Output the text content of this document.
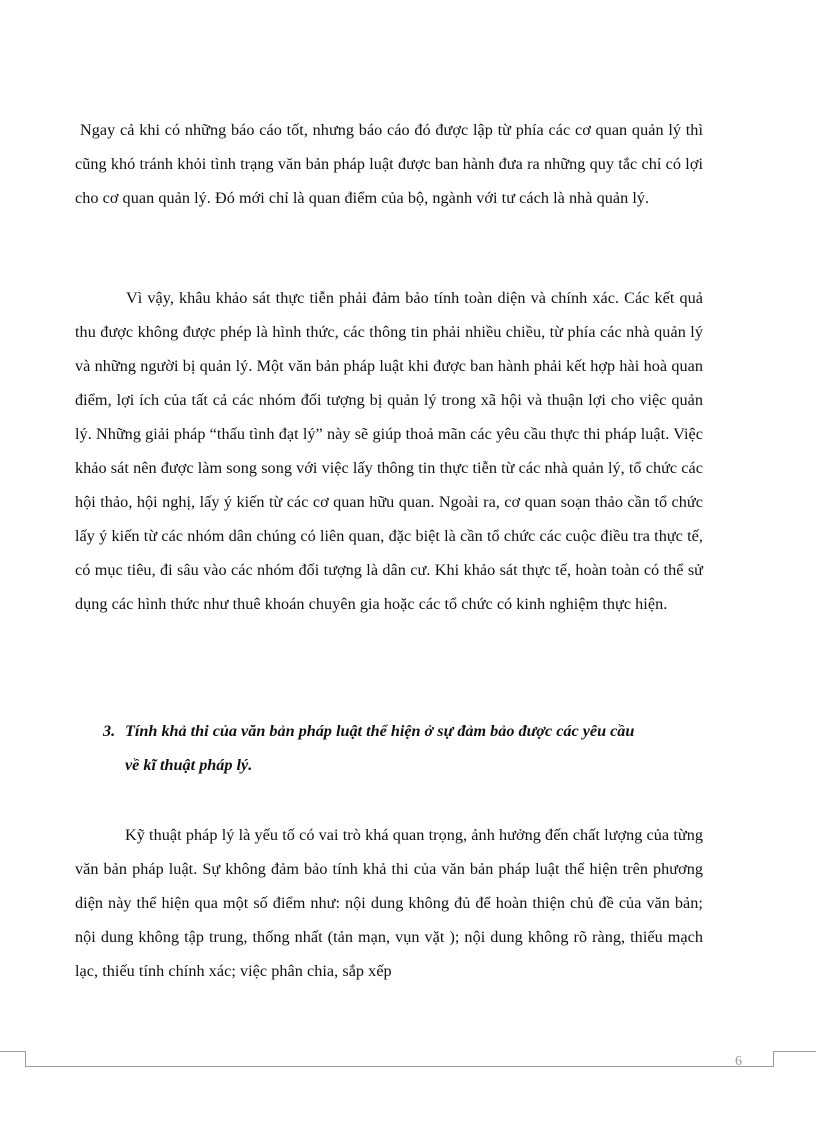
Ngay cả khi có những báo cáo tốt, nhưng báo cáo đó được lập từ phía các cơ quan quản lý thì cũng khó tránh khỏi tình trạng văn bản pháp luật được ban hành đưa ra những quy tắc chỉ có lợi cho cơ quan quản lý. Đó mới chỉ là quan điểm của bộ, ngành với tư cách là nhà quản lý.

Vì vậy, khâu khảo sát thực tiễn phải đảm bảo tính toàn diện và chính xác. Các kết quả thu được không được phép là hình thức, các thông tin phải nhiều chiều, từ phía các nhà quản lý và những người bị quản lý. Một văn bản pháp luật khi được ban hành phải kết hợp hài hoà quan điểm, lợi ích của tất cả các nhóm đối tượng bị quản lý trong xã hội và thuận lợi cho việc quản lý. Những giải pháp “thấu tình đạt lý” này sẽ giúp thoả mãn các yêu cầu thực thi pháp luật. Việc khảo sát nên được làm song song với việc lấy thông tin thực tiễn từ các nhà quản lý, tổ chức các hội thảo, hội nghị, lấy ý kiến từ các cơ quan hữu quan. Ngoài ra, cơ quan soạn thảo cần tổ chức lấy ý kiến từ các nhóm dân chúng có liên quan, đặc biệt là cần tổ chức các cuộc điều tra thực tế, có mục tiêu, đi sâu vào các nhóm đối tượng là dân cư. Khi khảo sát thực tế, hoàn toàn có thể sử dụng các hình thức như thuê khoán chuyên gia hoặc các tổ chức có kinh nghiệm thực hiện.

3. Tính khả thi của văn bản pháp luật thể hiện ở sự đảm bảo được các yêu cầu
về kĩ thuật pháp lý.

Kỹ thuật pháp lý là yếu tố có vai trò khá quan trọng, ảnh hưởng đến chất lượng của từng văn bản pháp luật. Sự không đảm bảo tính khả thi của văn bản pháp luật thể hiện trên phương diện này thể hiện qua một số điểm như: nội dung không đủ để hoàn thiện chủ đề của văn bản; nội dung không tập trung, thống nhất (tản mạn, vụn vặt ); nội dung không rõ ràng, thiếu mạch lạc, thiếu tính chính xác; việc phân chia, sắp xếp

6
